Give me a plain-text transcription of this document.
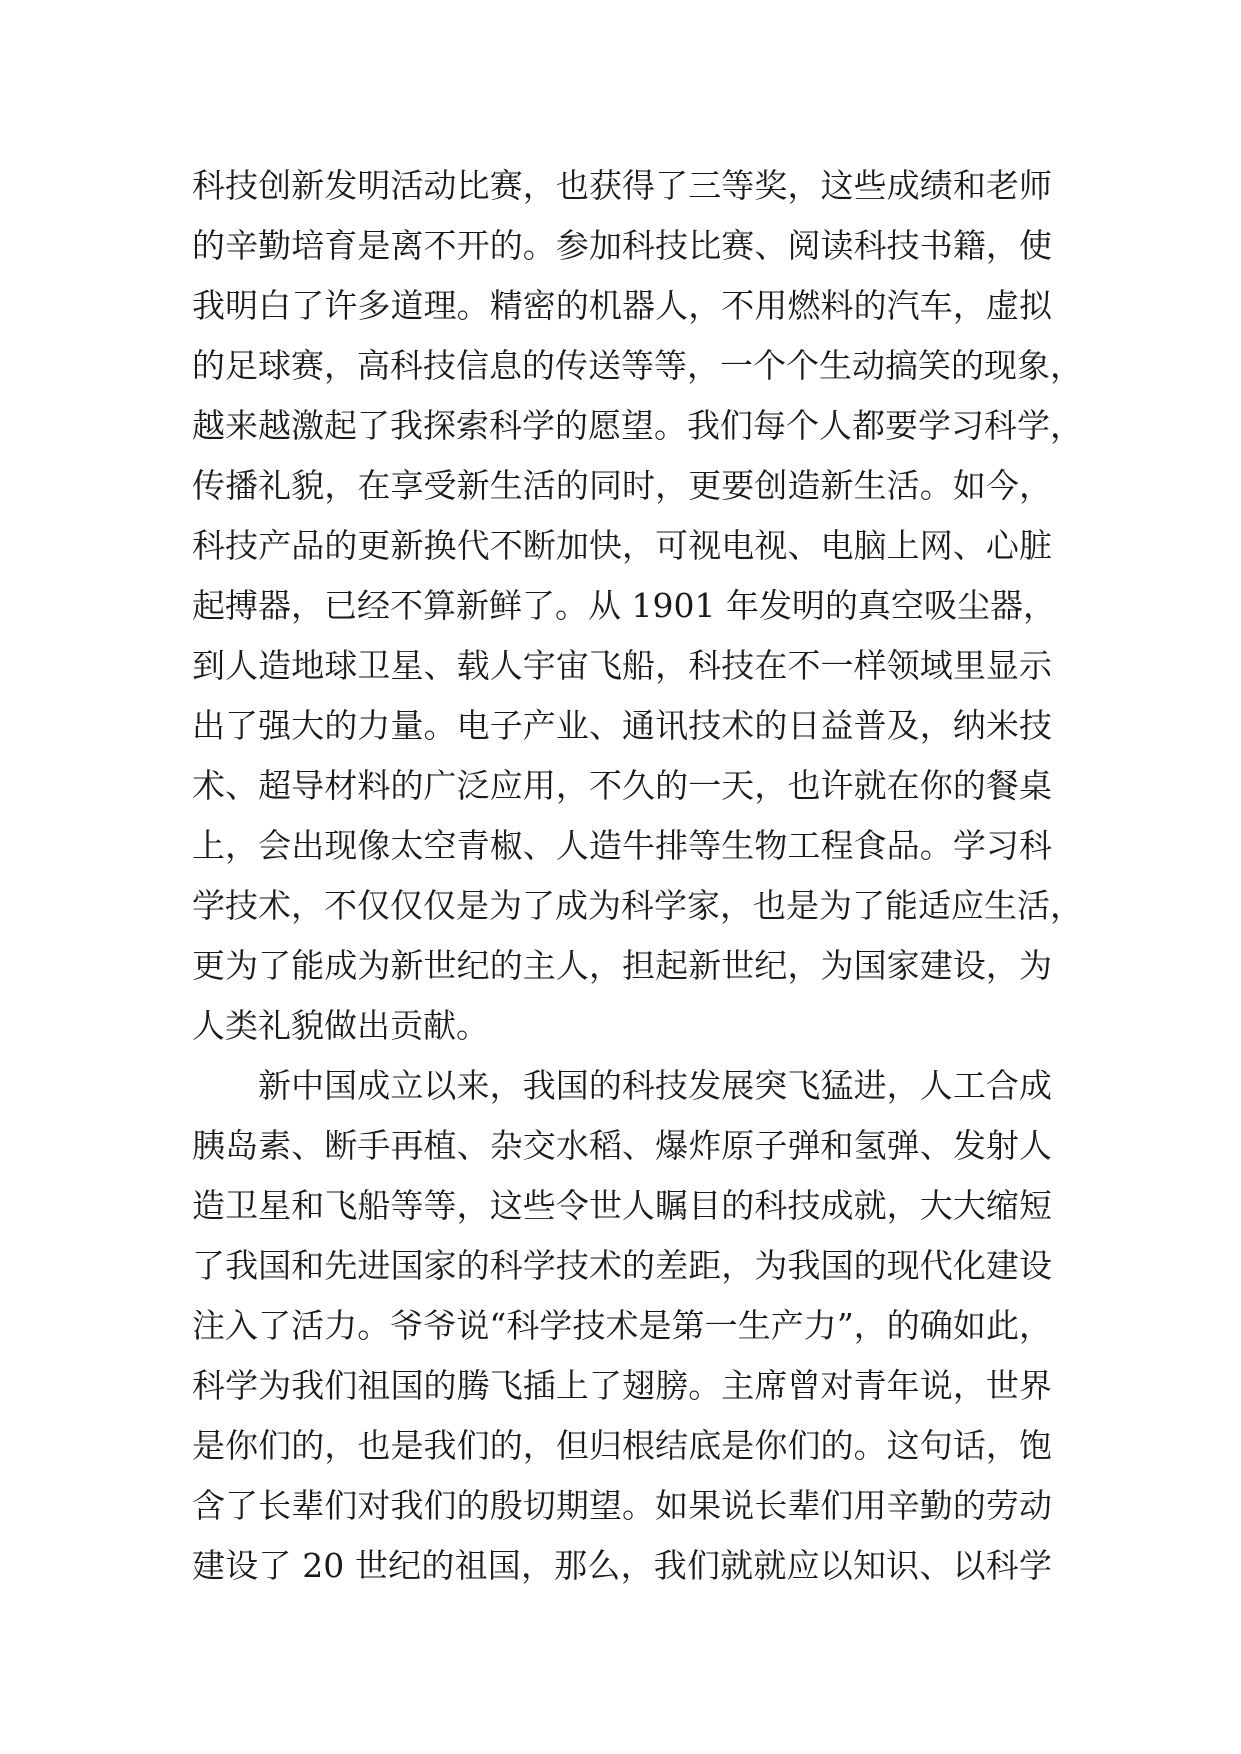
科技创新发明活动比赛，也获得了三等奖，这些成绩和老师
的辛勤培育是离不开的。参加科技比赛、阅读科技书籍，使
我明白了许多道理。精密的机器人，不用燃料的汽车，虚拟
的足球赛，高科技信息的传送等等，一个个生动搞笑的现象，
越来越激起了我探索科学的愿望。我们每个人都要学习科学，
传播礼貌，在享受新生活的同时，更要创造新生活。如今，
科技产品的更新换代不断加快，可视电视、电脑上网、心脏
起搏器，已经不算新鲜了。从 1901 年发明的真空吸尘器，
到人造地球卫星、载人宇宙飞船，科技在不一样领域里显示
出了强大的力量。电子产业、通讯技术的日益普及，纳米技
术、超导材料的广泛应用，不久的一天，也许就在你的餐桌
上，会出现像太空青椒、人造牛排等生物工程食品。学习科
学技术，不仅仅仅是为了成为科学家，也是为了能适应生活，
更为了能成为新世纪的主人，担起新世纪，为国家建设，为
人类礼貌做出贡献。
新中国成立以来，我国的科技发展突飞猛进，人工合成
胰岛素、断手再植、杂交水稻、爆炸原子弹和氢弹、发射人
造卫星和飞船等等，这些令世人瞩目的科技成就，大大缩短
了我国和先进国家的科学技术的差距，为我国的现代化建设
注入了活力。爷爷说“科学技术是第一生产力”，的确如此，
科学为我们祖国的腾飞插上了翅膀。主席曾对青年说，世界
是你们的，也是我们的，但归根结底是你们的。这句话，饱
含了长辈们对我们的殷切期望。如果说长辈们用辛勤的劳动
建设了 20 世纪的祖国，那么，我们就就应以知识、以科学
